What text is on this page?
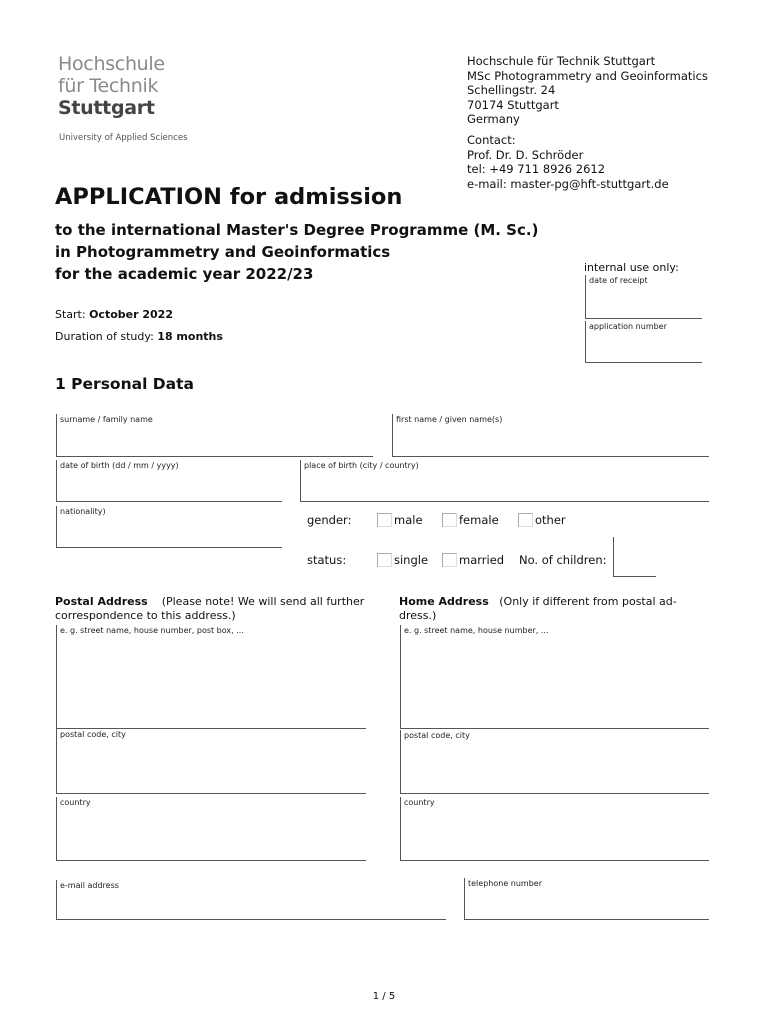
Hochschule
für Technik
Stuttgart
University of Applied Sciences
Hochschule für Technik Stuttgart
MSc Photogrammetry and Geoinformatics
Schellingstr. 24
70174 Stuttgart
Germany
Contact:
Prof. Dr. D. Schröder
tel: +49 711 8926 2612
e-mail: master-pg@hft-stuttgart.de
APPLICATION for admission
to the international Master's Degree Programme (M. Sc.)
in Photogrammetry and Geoinformatics
for the academic year 2022/23
Start: October 2022
Duration of study: 18 months
internal use only:
date of receipt
application number
1 Personal Data
surname / family name	first name / given name(s)
date of birth (dd / mm / yyyy)	place of birth (city / country)
nationality)
gender:	male	female	other
status:	single	married No. of children:
Postal Address (Please note! We will send all further
correspondence to this address.)
Home Address (Only if different from postal ad-
dress.)
e. g. street name, house number, post box, ...
postal code, city
country
e. g. street name, house number, ...
postal code, city
country
e-mail address	telephone number
1 / 5
